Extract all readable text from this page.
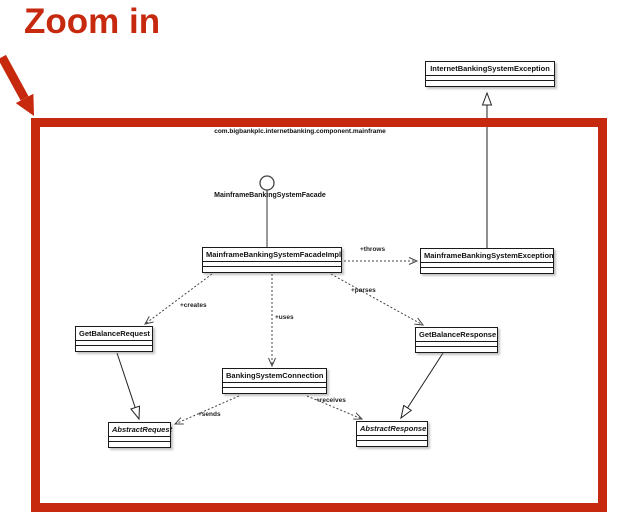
Zoom in
com.bigbankplc.internetbanking.component.mainframe
MainframeBankingSystemFacade
InternetBankingSystemException
MainframeBankingSystemFacadeImpl	MainframeBankingSystemException
GetBalanceRequest	GetBalanceResponse
BankingSystemConnection
AbstractRequest	AbstractResponse
+throws
+creates
+uses
+parses
+sends
+receives
